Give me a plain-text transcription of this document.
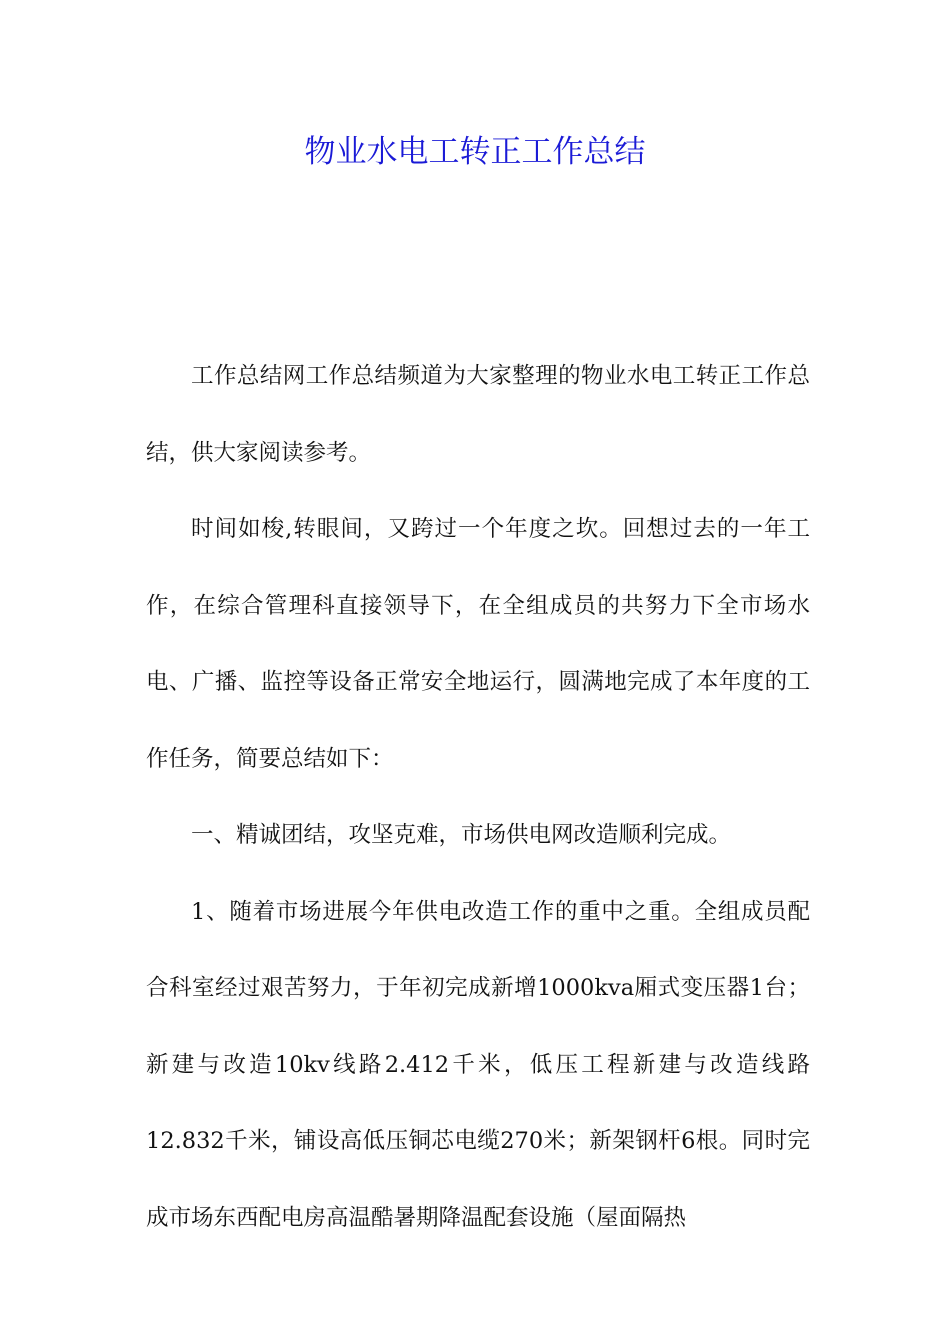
物业水电工转正工作总结

工作总结网工作总结频道为大家整理的物业水电工转正工作总结，供大家阅读参考。

时间如梭,转眼间，又跨过一个年度之坎。回想过去的一年工作，在综合管理科直接领导下，在全组成员的共努力下全市场水电、广播、监控等设备正常安全地运行，圆满地完成了本年度的工作任务，简要总结如下：

一、精诚团结，攻坚克难，市场供电网改造顺利完成。

1、随着市场进展今年供电改造工作的重中之重。全组成员配合科室经过艰苦努力，于年初完成新增1000kva厢式变压器1台；新建与改造10kv线路2.412千米，低压工程新建与改造线路12.832千米，铺设高低压铜芯电缆270米；新架钢杆6根。同时完成市场东西配电房高温酷暑期降温配套设施（屋面隔热
